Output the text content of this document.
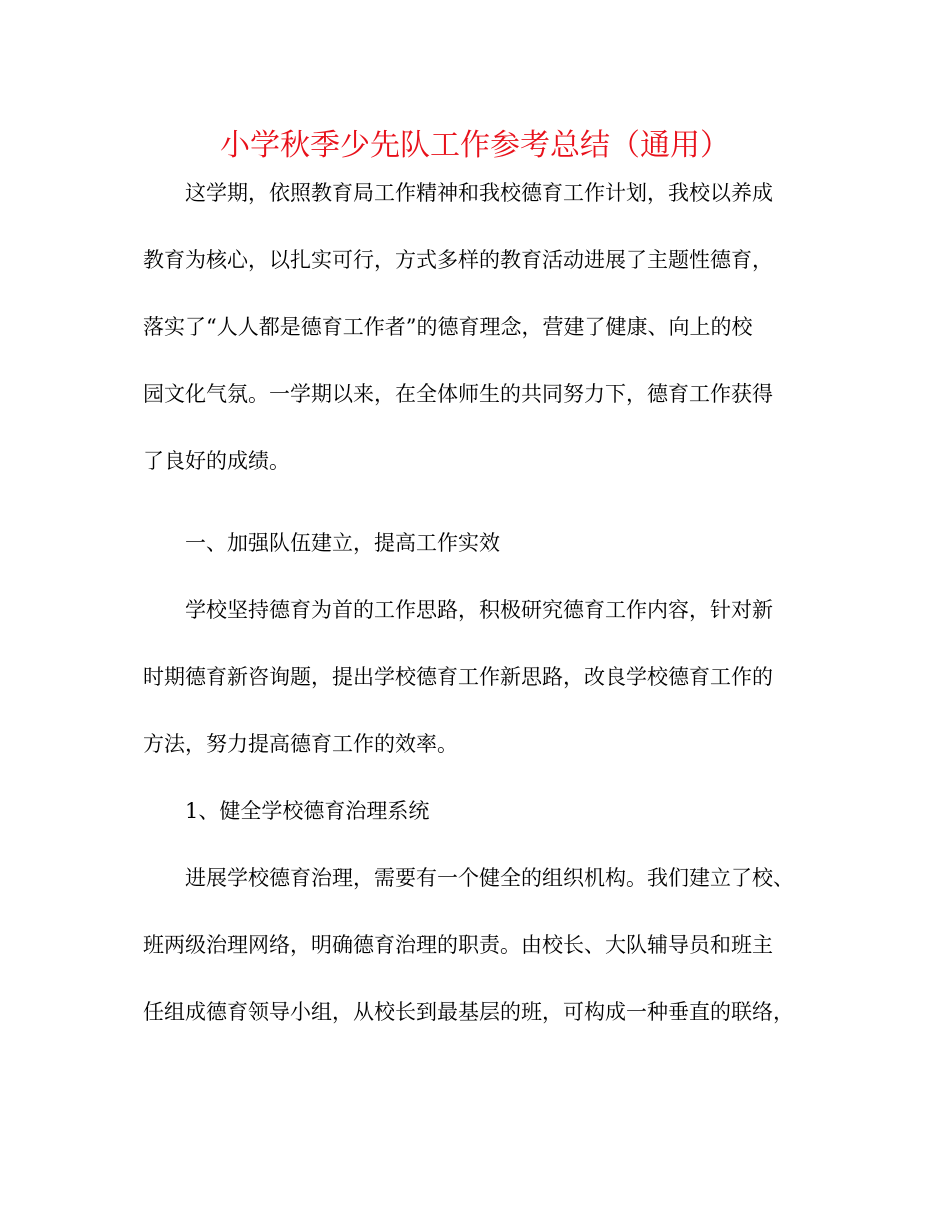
小学秋季少先队工作参考总结（通用）
这学期，依照教育局工作精神和我校德育工作计划，我校以养成
教育为核心，以扎实可行，方式多样的教育活动进展了主题性德育，
落实了“人人都是德育工作者”的德育理念，营建了健康、向上的校
园文化气氛。一学期以来，在全体师生的共同努力下，德育工作获得
了良好的成绩。
一、加强队伍建立，提高工作实效
学校坚持德育为首的工作思路，积极研究德育工作内容，针对新
时期德育新咨询题，提出学校德育工作新思路，改良学校德育工作的
方法，努力提高德育工作的效率。
1、健全学校德育治理系统
进展学校德育治理，需要有一个健全的组织机构。我们建立了校、
班两级治理网络，明确德育治理的职责。由校长、大队辅导员和班主
任组成德育领导小组，从校长到最基层的班，可构成一种垂直的联络，
